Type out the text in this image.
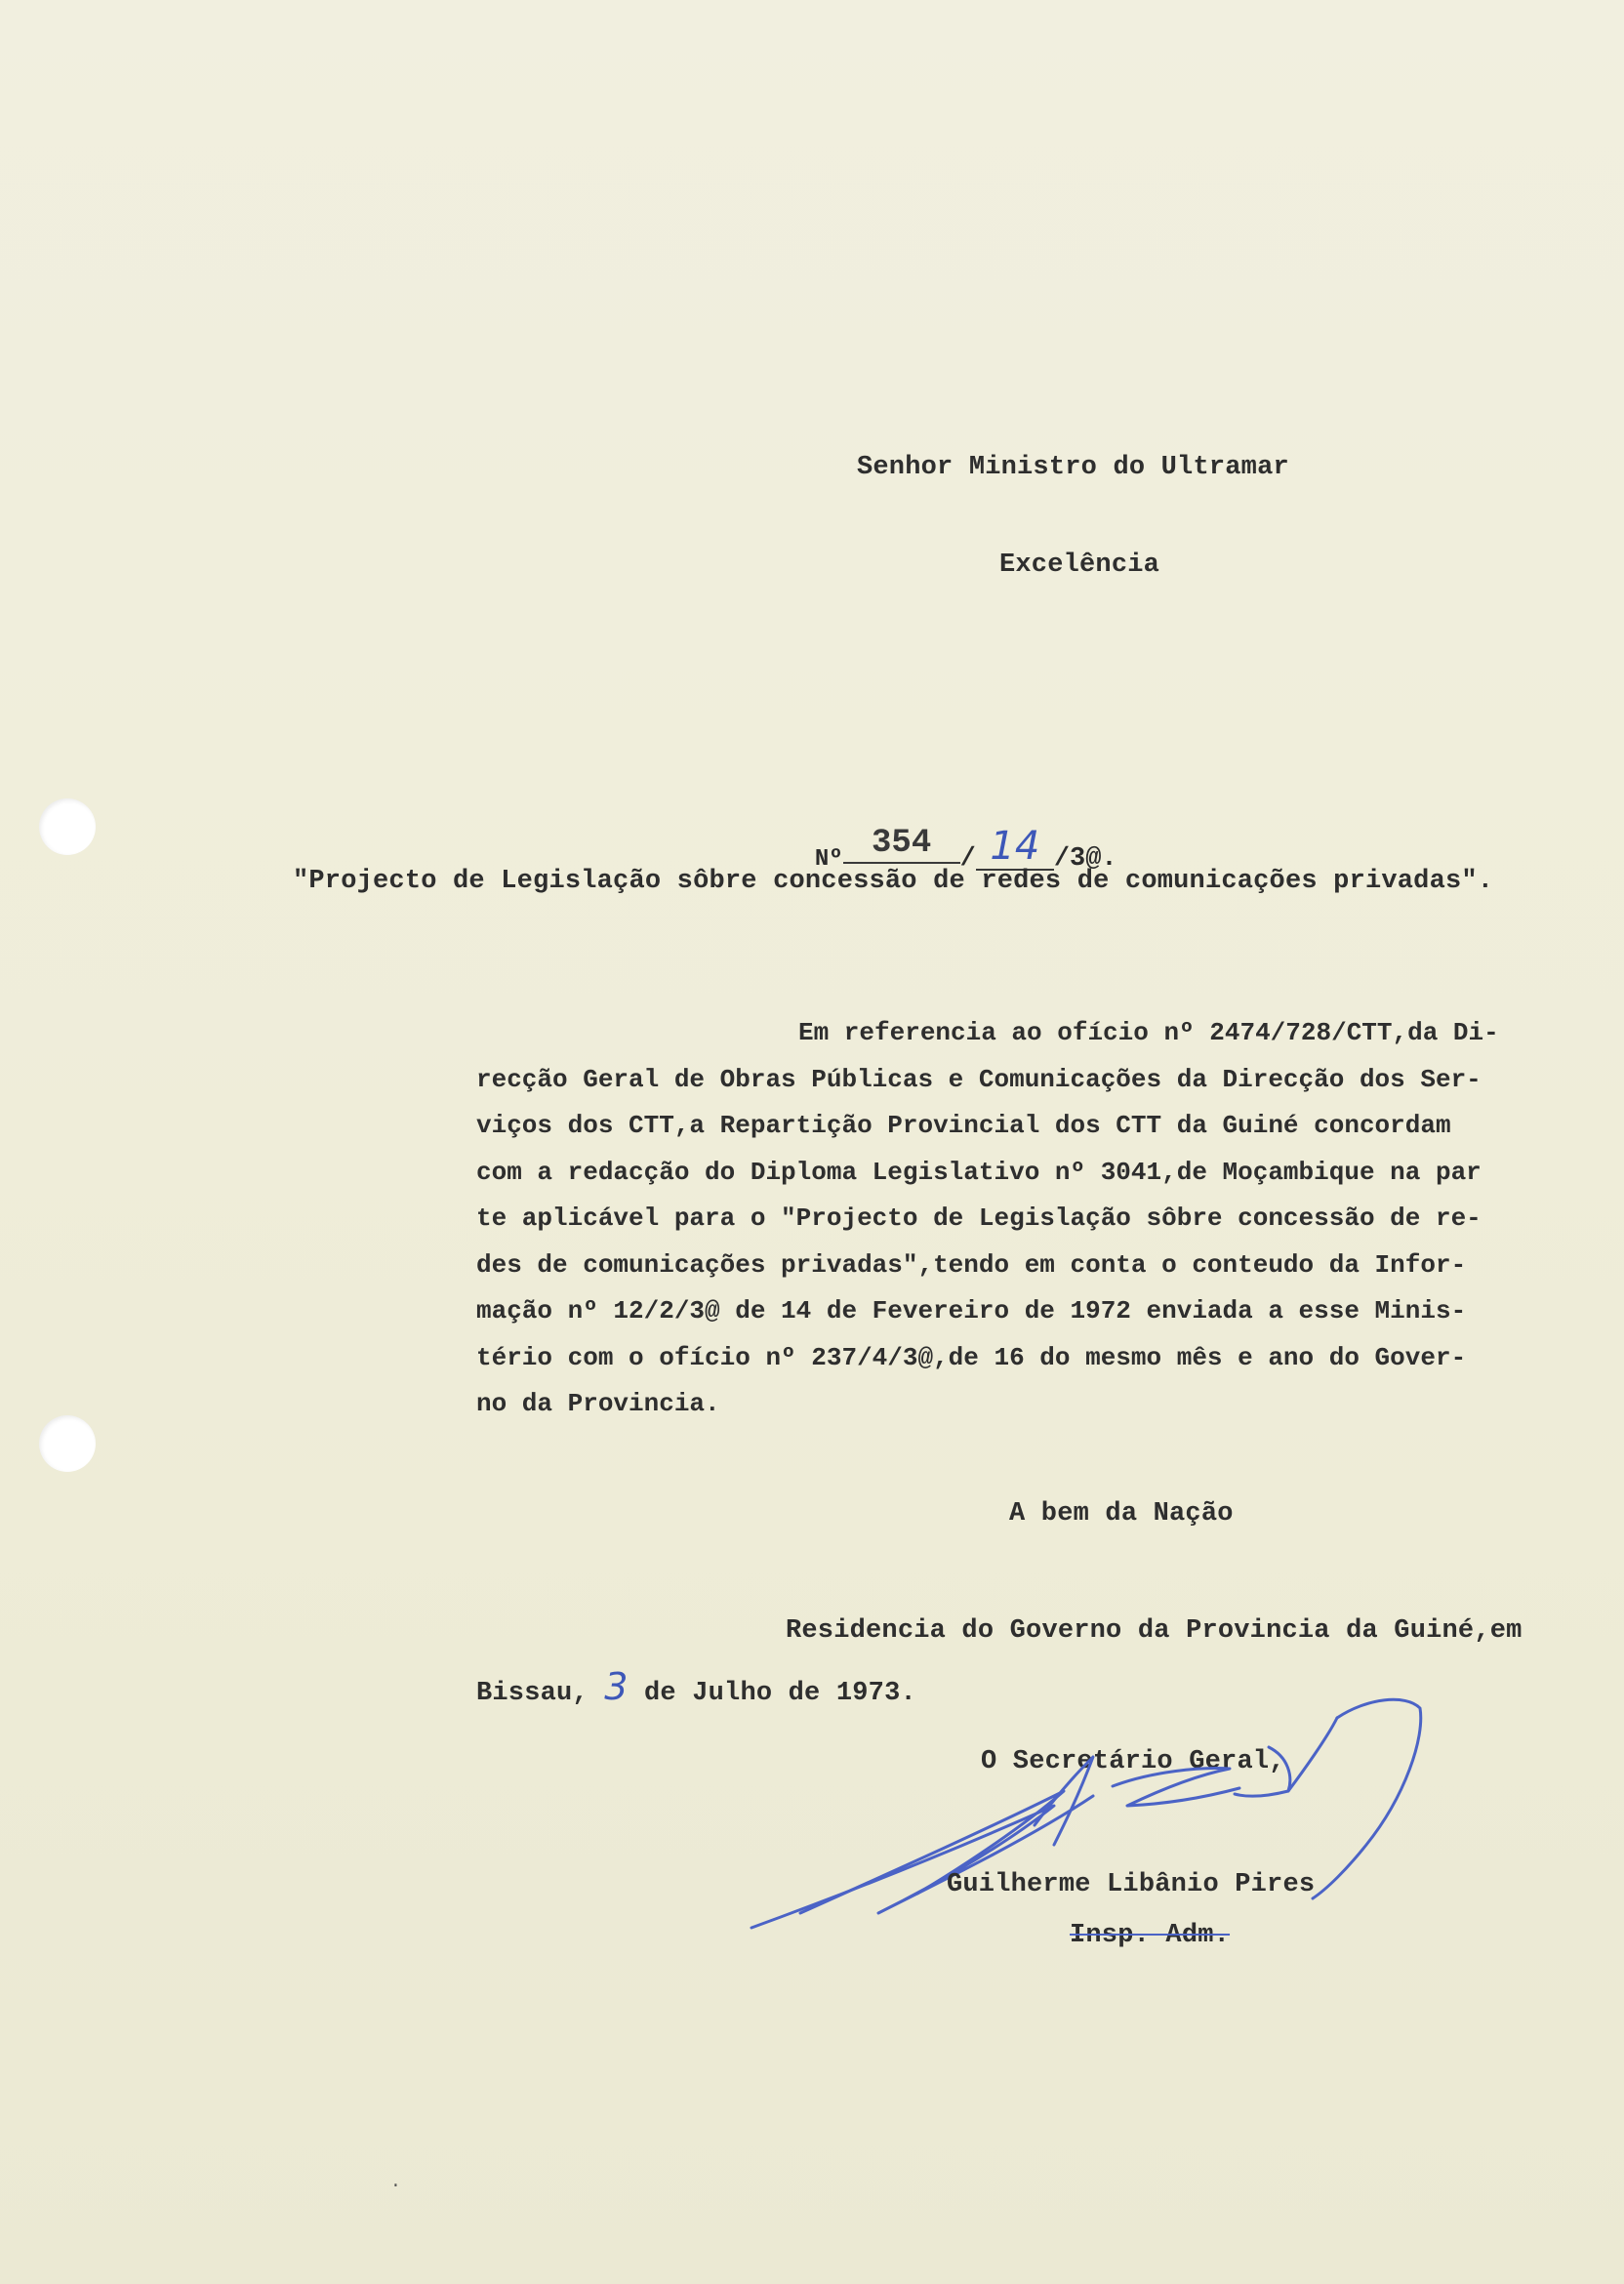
Senhor Ministro do Ultramar
Excelência

Nº 354 / 14 /3@.

"Projecto de Legislação sôbre concessão de redes de comunicações privadas".
Em referencia ao ofício nº 2474/728/CTT,da Di-
recção Geral de Obras Públicas e Comunicações da Direcção dos Ser-
viços dos CTT,a Repartição Provincial dos CTT da Guiné concordam
com a redacção do Diploma Legislativo nº 3041,de Moçambique na par
te aplicável para o "Projecto de Legislação sôbre concessão de re-
des de comunicações privadas",tendo em conta o conteudo da Infor-
mação nº 12/2/3@ de 14 de Fevereiro de 1972 enviada a esse Minis-
tério com o ofício nº 237/4/3@,de 16 do mesmo mês e ano do Gover-
no da Provincia.
A bem da Nação
Residencia do Governo da Provincia da Guiné,em
Bissau, 3 de Julho de 1973.
O Secretário Geral,
Guilherme Libânio Pires
Insp. Adm.
·
